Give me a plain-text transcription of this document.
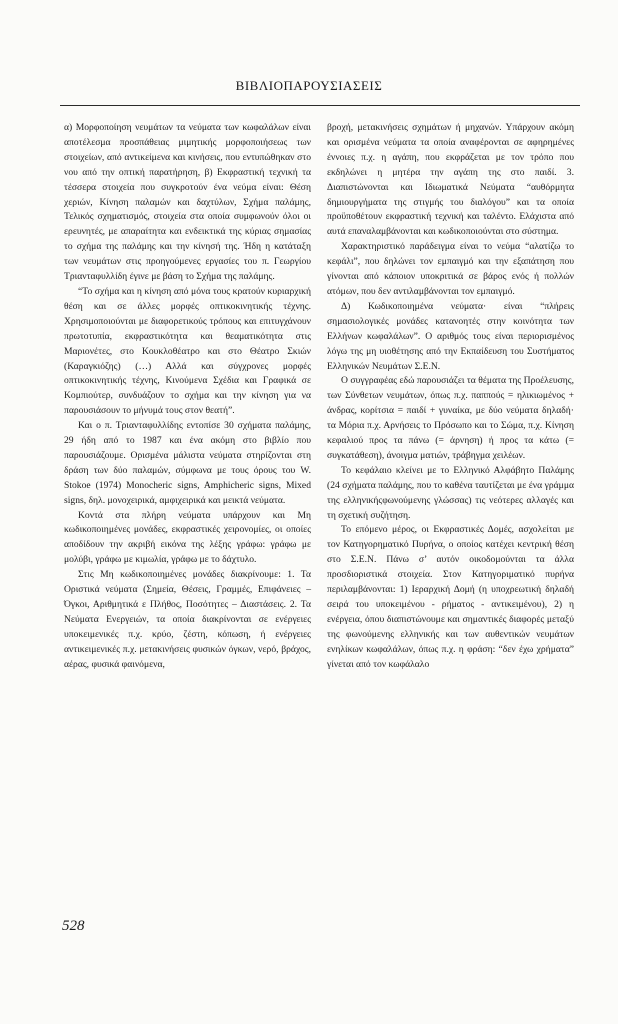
ΒΙΒΛΙΟΠΑΡΟΥΣΙΑΣΕΙΣ

α) Μορφοποίηση νευμάτων τα νεύματα των κωφαλάλων είναι αποτέλεσμα προσπάθειας μιμητικής μορφοποιήσεως των στοιχείων, από αντικείμενα και κινήσεις, που εντυπώθηκαν στο νου από την οπτική παρατήρηση, β) Εκφραστική τεχνική τα τέσσερα στοιχεία που συγκροτούν ένα νεύμα είναι: Θέση χεριών, Κίνηση παλαμών και δαχτύλων, Σχήμα παλάμης, Τελικός σχηματισμός, στοιχεία στα οποία συμφωνούν όλοι οι ερευνητές, με απαραίτητα και ενδεικτικά της κύριας σημασίας το σχήμα της παλάμης και την κίνησή της. Ήδη η κατάταξη των νευμάτων στις προηγούμενες εργασίες του π. Γεωργίου Τριανταφυλλίδη έγινε με βάση το Σχήμα της παλάμης.

“Το σχήμα και η κίνηση από μόνα τους κρατούν κυριαρχική θέση και σε άλλες μορφές οπτικοκινητικής τέχνης. Χρησιμοποιούνται με διαφορετικούς τρόπους και επιτυγχάνουν πρωτοτυπία, εκφραστικότητα και θεαματικότητα στις Μαριονέτες, στο Κουκλοθέατρο και στο Θέατρο Σκιών (Καραγκιόζης) (…) Αλλά και σύγχρονες μορφές οπτικοκινητικής τέχνης, Κινούμενα Σχέδια και Γραφικά σε Κομπιούτερ, συνδυάζουν το σχήμα και την κίνηση για να παρουσιάσουν το μήνυμά τους στον θεατή”.

Και ο π. Τριανταφυλλίδης εντοπίσε 30 σχήματα παλάμης, 29 ήδη από το 1987 και ένα ακόμη στο βιβλίο που παρουσιάζουμε. Ορισμένα μάλιστα νεύματα στηρίζονται στη δράση των δύο παλαμών, σύμφωνα με τους όρους του W. Stokoe (1974) Monocheric signs, Amphicheric signs, Mixed signs, δηλ. μονοχειρικά, αμφιχειρικά και μεικτά νεύματα.

Κοντά στα πλήρη νεύματα υπάρχουν και Μη κωδικοποιημένες μονάδες, εκφραστικές χειρονομίες, οι οποίες αποδίδουν την ακριβή εικόνα της λέξης γράφω: γράφω με μολύβι, γράφω με κιμωλία, γράφω με το δάχτυλο.

Στις Μη κωδικοποιημένες μονάδες διακρίνουμε: 1. Τα Οριστικά νεύματα (Σημεία, Θέσεις, Γραμμές, Επιφάνειες – Όγκοι, Αριθμητικά ε Πλήθος, Ποσότητες – Διαστάσεις. 2. Τα Νεύματα Ενεργειών, τα οποία διακρίνονται σε ενέργειες υποκειμενικές π.χ. κρύο, ζέστη, κόπωση, ή ενέργειες αντικειμενικές π.χ. μετακινήσεις φυσικών όγκων, νερό, βράχος, αέρας, φυσικά φαινόμενα,

βροχή, μετακινήσεις σχημάτων ή μηχανών. Υπάρχουν ακόμη και ορισμένα νεύματα τα οποία αναφέρονται σε αφηρημένες έννοιες π.χ. η αγάπη, που εκφράζεται με τον τρόπο που εκδηλώνει η μητέρα την αγάπη της στο παιδί. 3. Διαπιστώνονται και Ιδιωματικά Νεύματα “αυθόρμητα δημιουργήματα της στιγμής του διαλόγου” και τα οποία προϋποθέτουν εκφραστική τεχνική και ταλέντο. Ελάχιστα από αυτά επαναλαμβάνονται και κωδικοποιούνται στο σύστημα.

Χαρακτηριστικό παράδειγμα είναι το νεύμα “αλατίζω το κεφάλι”, που δηλώνει τον εμπαιγμό και την εξαπάτηση που γίνονται από κάποιον υποκριτικά σε βάρος ενός ή πολλών ατόμων, που δεν αντιλαμβάνονται τον εμπαιγμό.

Δ) Κωδικοποιημένα νεύματα· είναι “πλήρεις σημασιολογικές μονάδες κατανοητές στην κοινότητα των Ελλήνων κωφαλάλων”. Ο αριθμός τους είναι περιορισμένος λόγω της μη υιοθέτησης από την Εκπαίδευση του Συστήματος Ελληνικών Νευμάτων Σ.Ε.Ν.

Ο συγγραφέας εδώ παρουσιάζει τα θέματα της Προέλευσης, των Σύνθετων νευμάτων, όπως π.χ. παππούς = ηλικιωμένος + άνδρας, κορίτσια = παιδί + γυναίκα, με δύο νεύματα δηλαδή· τα Μόρια π.χ. Αρνήσεις το Πρόσωπο και το Σώμα, π.χ. Κίνηση κεφαλιού προς τα πάνω (= άρνηση) ή προς τα κάτω (= συγκατάθεση), άνοιγμα ματιών, τράβηγμα χειλέων.

Το κεφάλαιο κλείνει με το Ελληνικό Αλφάβητο Παλάμης (24 σχήματα παλάμης, που το καθένα ταυτίζεται με ένα γράμμα της ελληνικήςφωνούμενης γλώσσας) τις νεότερες αλλαγές και τη σχετική συζήτηση.

Το επόμενο μέρος, οι Εκφραστικές Δομές, ασχολείται με τον Κατηγορηματικό Πυρήνα, ο οποίος κατέχει κεντρική θέση στο Σ.Ε.Ν. Πάνω σ’ αυτόν οικοδομούνται τα άλλα προσδιοριστικά στοιχεία. Στον Κατηγοριματικό πυρήνα περιλαμβάνονται: 1) Ιεραρχική Δομή (η υποχρεωτική δηλαδή σειρά του υποκειμένου - ρήματος - αντικειμένου), 2) η ενέργεια, όπου διαπιστώνουμε και σημαντικές διαφορές μεταξύ της φωνούμενης ελληνικής και των αυθεντικών νευμάτων ενηλίκων κωφαλάλων, όπως π.χ. η φράση: “δεν έχω χρήματα” γίνεται από τον κωφάλαλο

528
